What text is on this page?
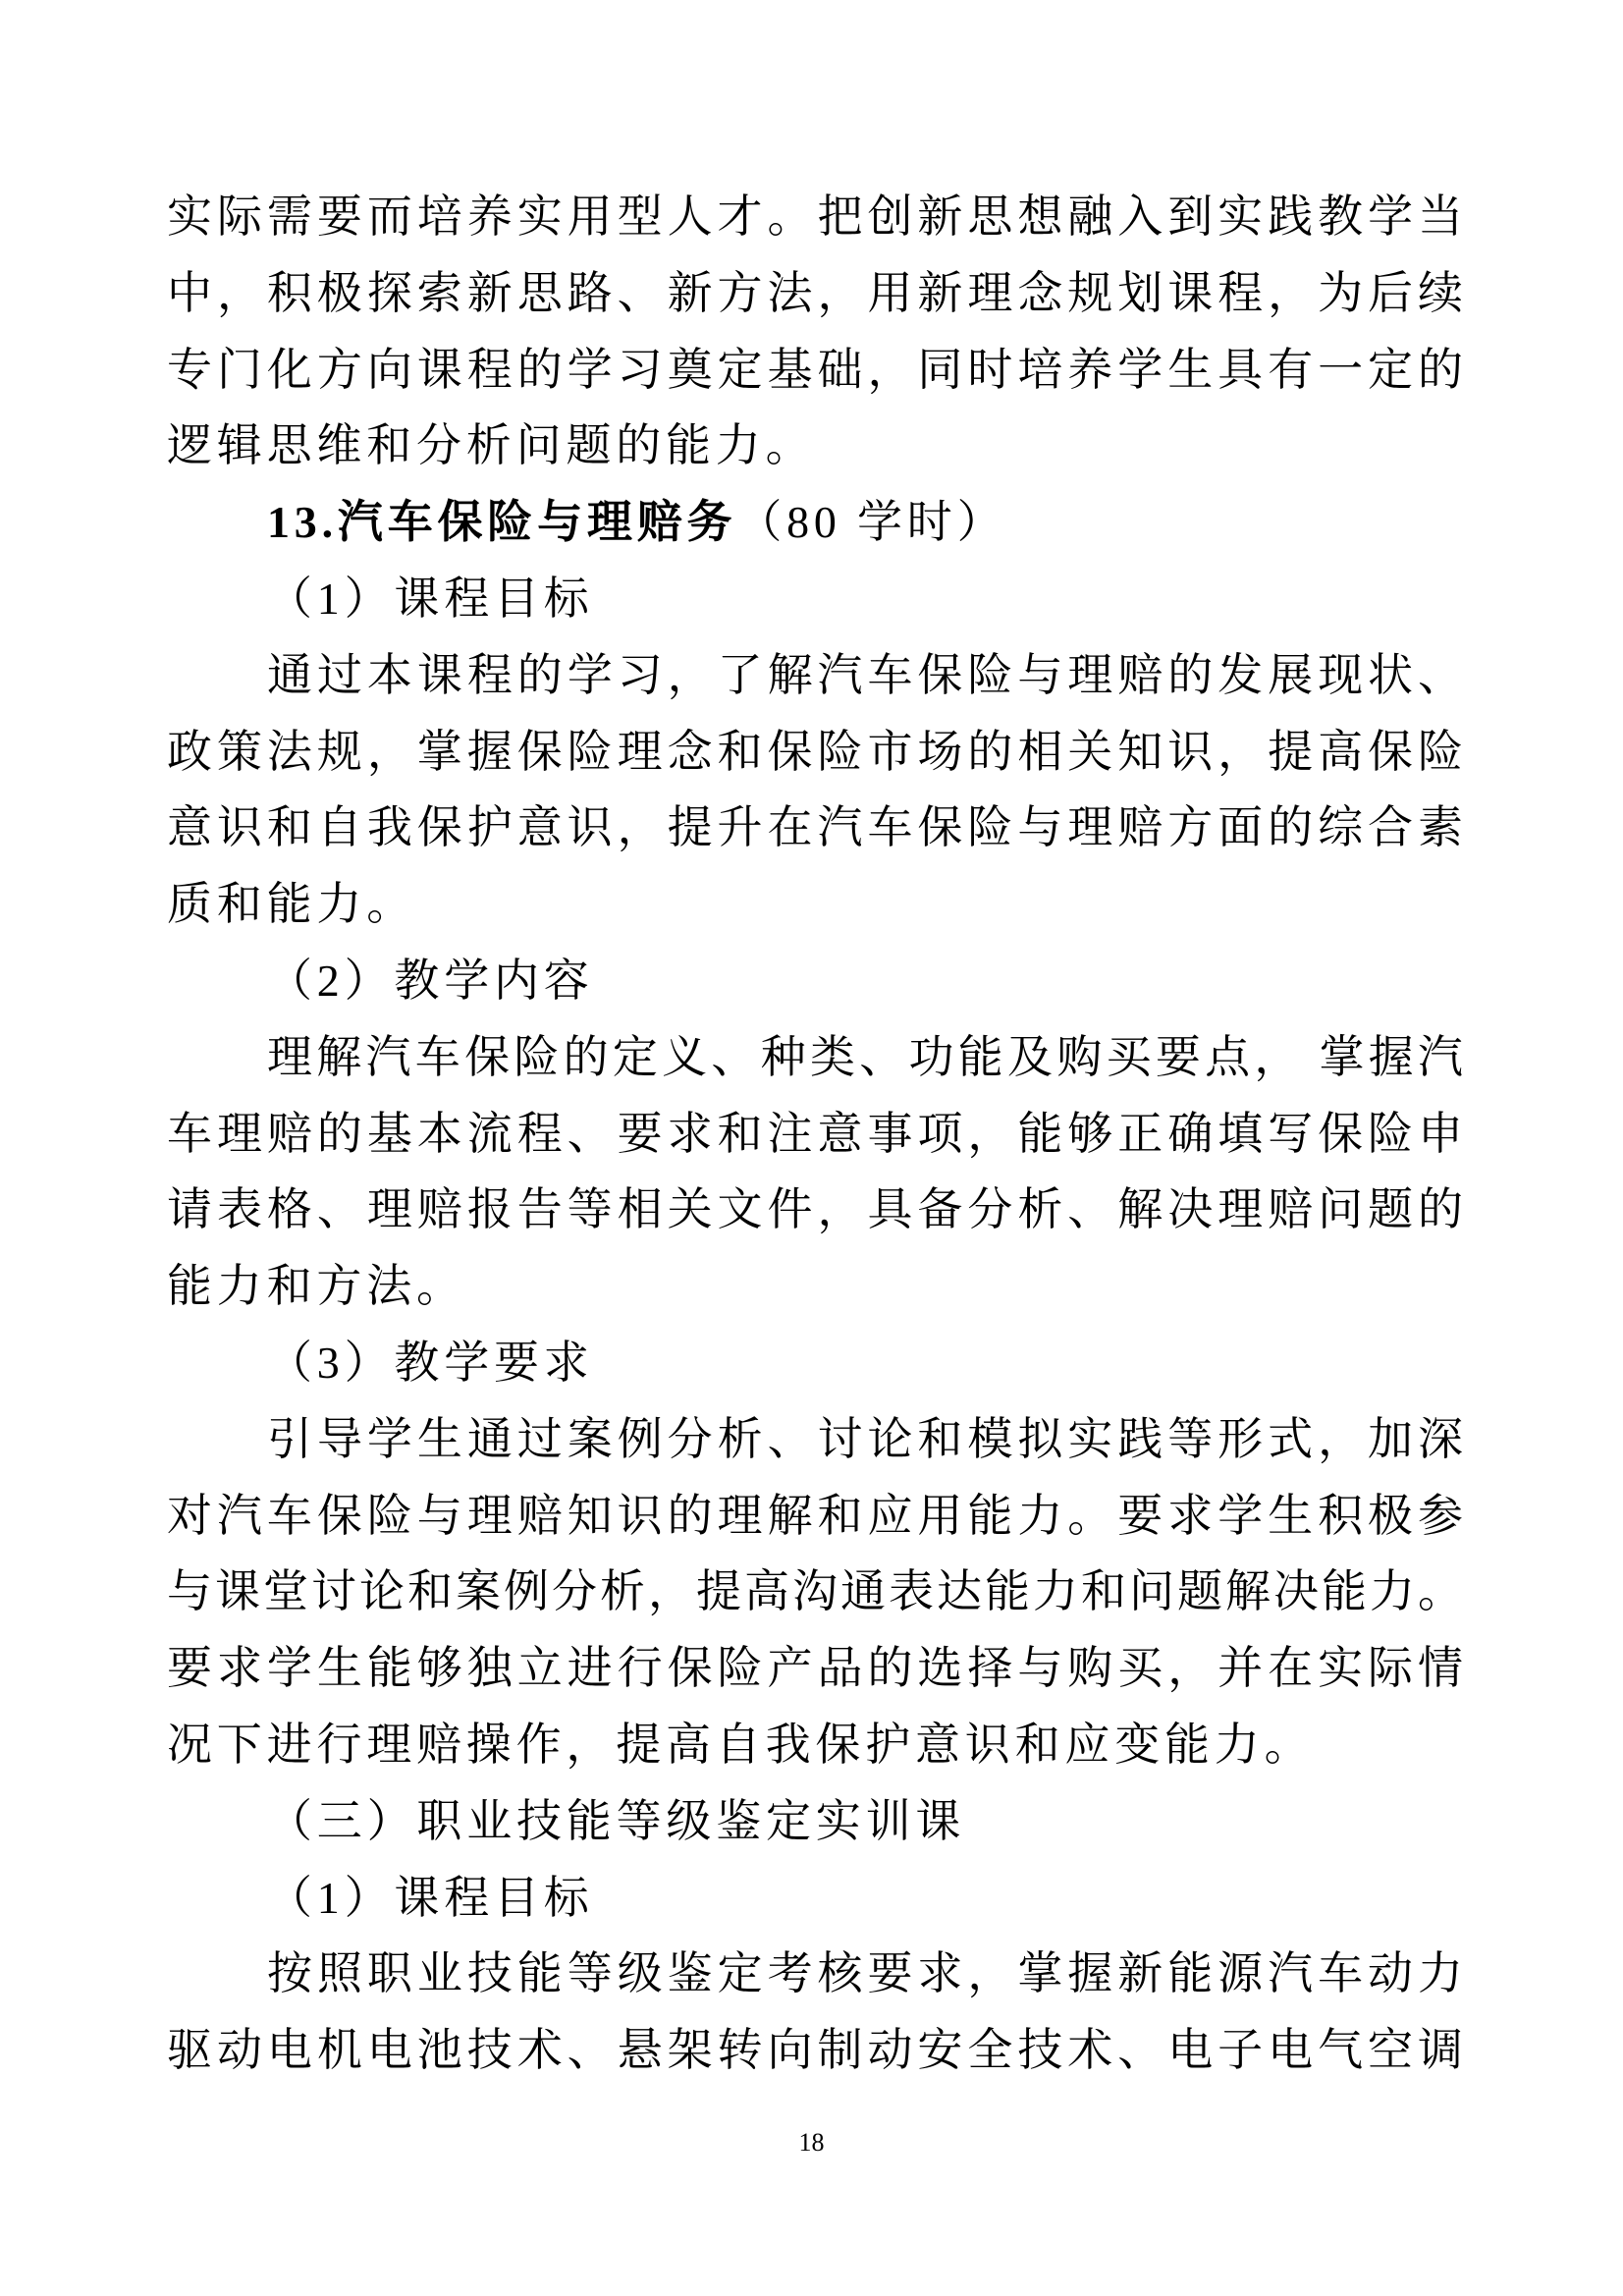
实际需要而培养实用型人才。把创新思想融入到实践教学当
中，积极探索新思路、新方法，用新理念规划课程，为后续
专门化方向课程的学习奠定基础，同时培养学生具有一定的
逻辑思维和分析问题的能力。
13.汽车保险与理赔务（80 学时）
（1）课程目标
通过本课程的学习，了解汽车保险与理赔的发展现状、
政策法规，掌握保险理念和保险市场的相关知识，提高保险
意识和自我保护意识，提升在汽车保险与理赔方面的综合素
质和能力。
（2）教学内容
理解汽车保险的定义、种类、功能及购买要点， 掌握汽
车理赔的基本流程、要求和注意事项，能够正确填写保险申
请表格、理赔报告等相关文件，具备分析、解决理赔问题的
能力和方法。
（3）教学要求
引导学生通过案例分析、讨论和模拟实践等形式，加深
对汽车保险与理赔知识的理解和应用能力。要求学生积极参
与课堂讨论和案例分析，提高沟通表达能力和问题解决能力。
要求学生能够独立进行保险产品的选择与购买，并在实际情
况下进行理赔操作，提高自我保护意识和应变能力。
（三）职业技能等级鉴定实训课
（1）课程目标
按照职业技能等级鉴定考核要求，掌握新能源汽车动力
驱动电机电池技术、悬架转向制动安全技术、电子电气空调
18
